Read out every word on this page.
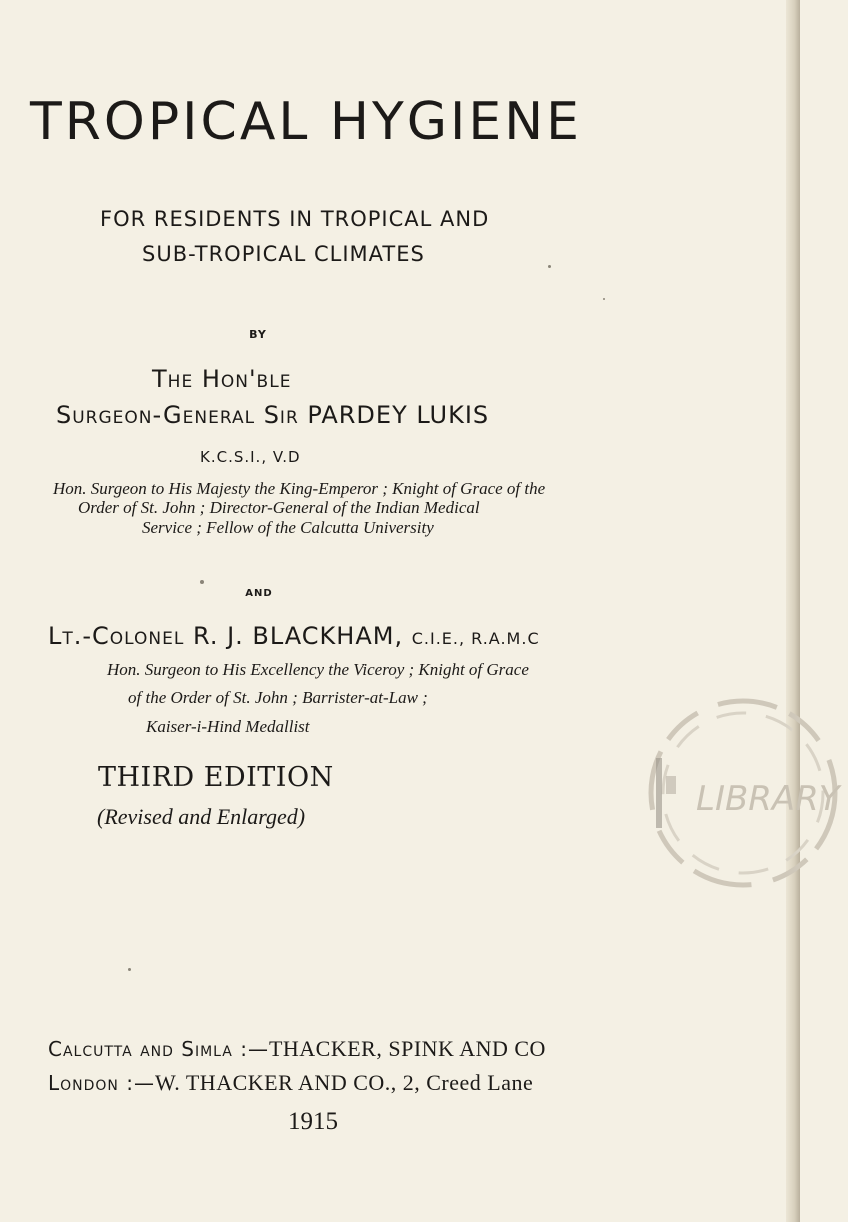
TROPICAL HYGIENE
FOR RESIDENTS IN TROPICAL AND
SUB-TROPICAL CLIMATES
BY
The Hon'ble
Surgeon-General Sir PARDEY LUKIS
K.C.S.I., V.D
Hon. Surgeon to His Majesty the King-Emperor ; Knight of Grace of the
Order of St. John ; Director-General of the Indian Medical
Service ; Fellow of the Calcutta University
AND
Lt.-Colonel R. J. BLACKHAM, C.I.E., R.A.M.C
Hon. Surgeon to His Excellency the Viceroy ; Knight of Grace
of the Order of St. John ; Barrister-at-Law ;
Kaiser-i-Hind Medallist
THIRD EDITION
(Revised and Enlarged)	LIBRARY
Calcutta and Simla :—THACKER, SPINK AND CO
London :—W. THACKER AND CO., 2, Creed Lane
1915
